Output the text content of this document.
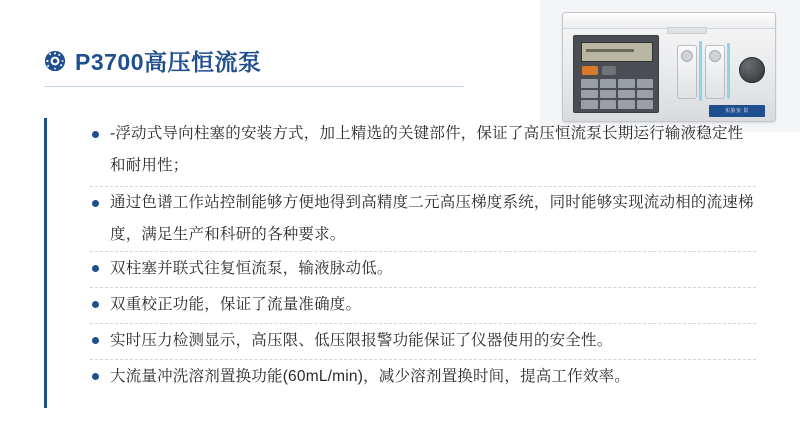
实验室 泵
P3700高压恒流泵
-浮动式导向柱塞的安装方式，加上精选的关键部件，保证了高压恒流泵长期运行输液稳定性和耐用性；
通过色谱工作站控制能够方便地得到高精度二元高压梯度系统，同时能够实现流动相的流速梯度，满足生产和科研的各种要求。
双柱塞并联式往复恒流泵，输液脉动低。
双重校正功能，保证了流量准确度。
实时压力检测显示，高压限、低压限报警功能保证了仪器使用的安全性。
大流量冲洗溶剂置换功能(60mL/min)，减少溶剂置换时间，提高工作效率。
